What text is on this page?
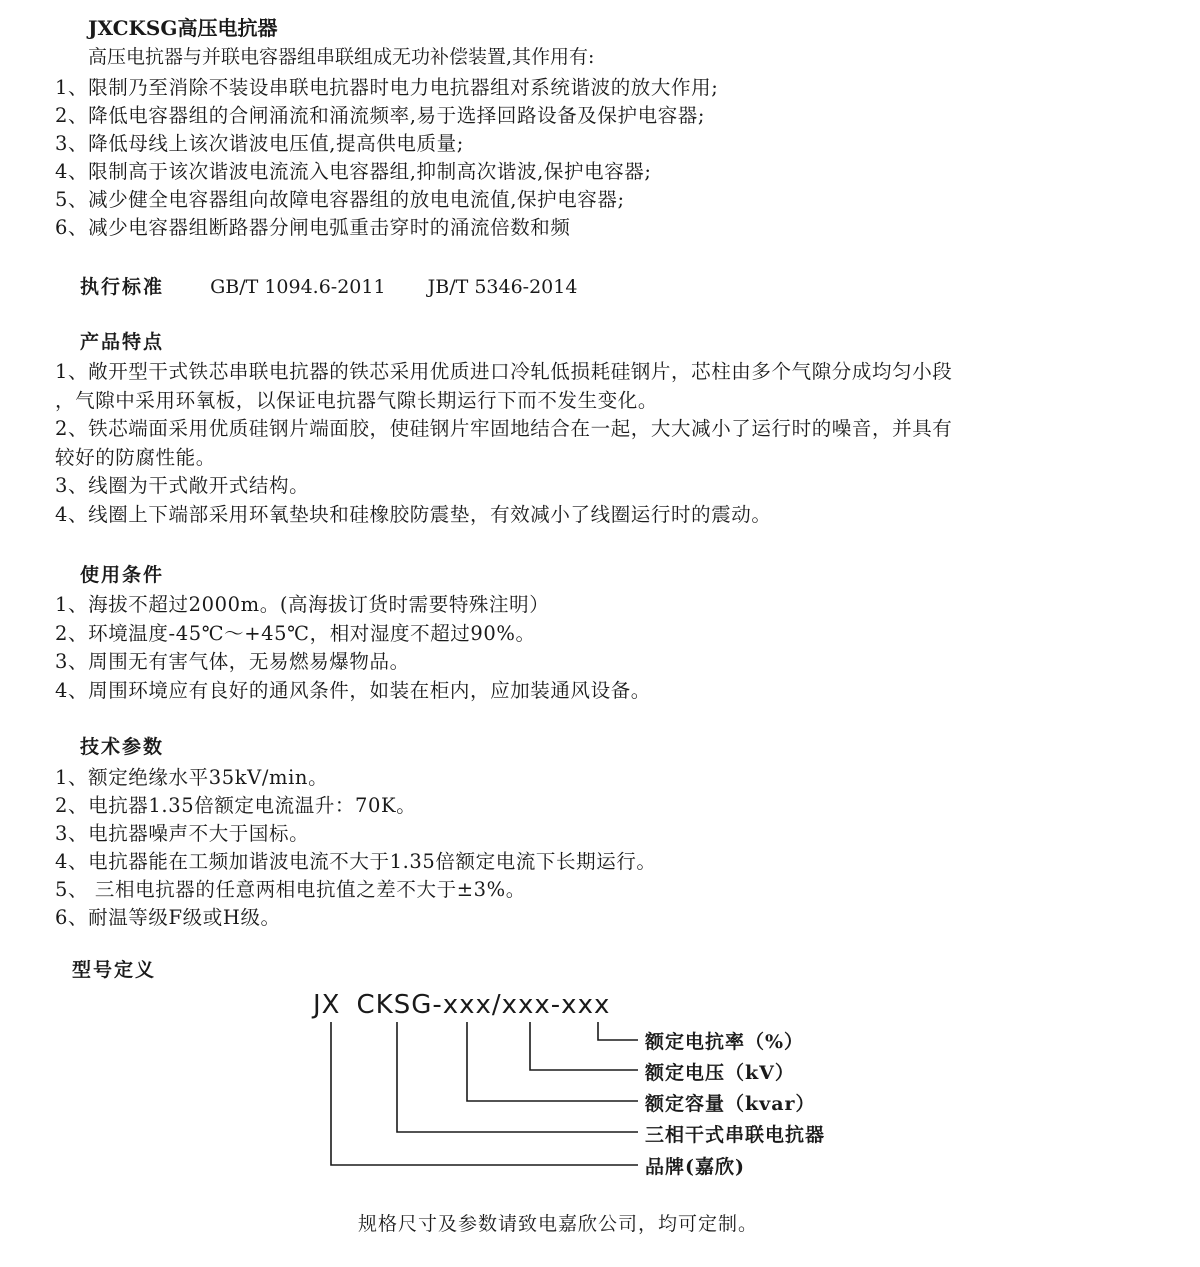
JXCKSG高压电抗器
高压电抗器与并联电容器组串联组成无功补偿装置,其作用有:
1、限制乃至消除不装设串联电抗器时电力电抗器组对系统谐波的放大作用;
2、降低电容器组的合闸涌流和涌流频率,易于选择回路设备及保护电容器;
3、降低母线上该次谐波电压值,提高供电质量;
4、限制高于该次谐波电流流入电容器组,抑制高次谐波,保护电容器;
5、减少健全电容器组向故障电容器组的放电电流值,保护电容器;
6、减少电容器组断路器分闸电弧重击穿时的涌流倍数和频
执行标准 GB/T 1094.6-2011 JB/T 5346-2014
产品特点
1、敞开型干式铁芯串联电抗器的铁芯采用优质进口冷轧低损耗硅钢片，芯柱由多个气隙分成均匀小段
，气隙中采用环氧板，以保证电抗器气隙长期运行下而不发生变化。
2、铁芯端面采用优质硅钢片端面胶，使硅钢片牢固地结合在一起，大大减小了运行时的噪音，并具有
较好的防腐性能。
3、线圈为干式敞开式结构。
4、线圈上下端部采用环氧垫块和硅橡胶防震垫，有效减小了线圈运行时的震动。
使用条件
1、海拔不超过2000m。(高海拔订货时需要特殊注明）
2、环境温度-45℃～+45℃，相对湿度不超过90%。
3、周围无有害气体，无易燃易爆物品。
4、周围环境应有良好的通风条件，如装在柜内，应加装通风设备。
技术参数
1、额定绝缘水平35kV/min。
2、电抗器1.35倍额定电流温升：70K。
3、电抗器噪声不大于国标。
4、电抗器能在工频加谐波电流不大于1.35倍额定电流下长期运行。
5、 三相电抗器的任意两相电抗值之差不大于±3%。
6、耐温等级F级或H级。
型号定义
JX CKSG-xxx/xxx-xxx
额定电抗率（%）
额定电压（kV）
额定容量（kvar）
三相干式串联电抗器
品牌(嘉欣)
规格尺寸及参数请致电嘉欣公司，均可定制。
